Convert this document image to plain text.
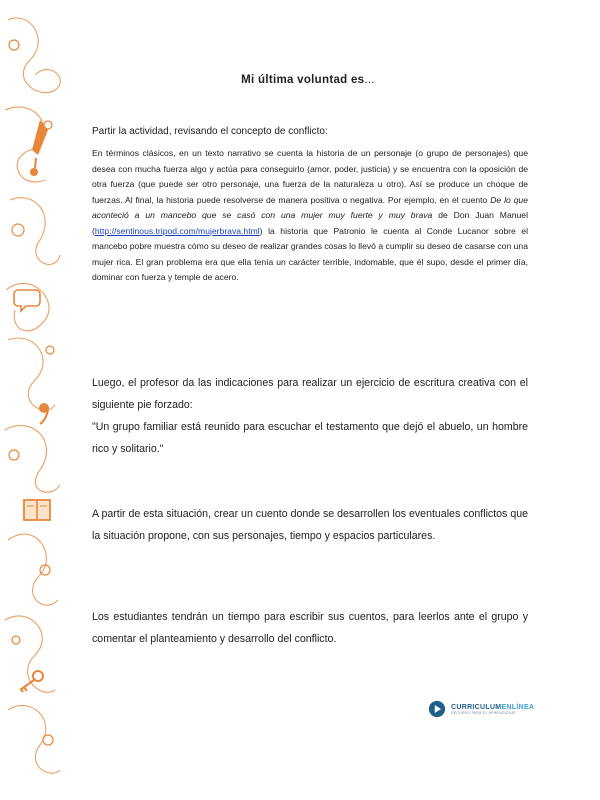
Mi última voluntad es...
Partir la actividad, revisando el concepto de conflicto:
En términos clásicos, en un texto narrativo se cuenta la historia de un personaje (o grupo de personajes) que desea con mucha fuerza algo y actúa para conseguirlo (amor, poder, justicia) y se encuentra con la oposición de otra fuerza (que puede ser otro personaje, una fuerza de la naturaleza u otro). Así se produce un choque de fuerzas. Al final, la historia puede resolverse de manera positiva o negativa. Por ejemplo, en el cuento De lo que aconteció a un mancebo que se casó con una mujer muy fuerte y muy brava de Don Juan Manuel (http://sentinous.tripod.com/mujerbrava.html) la historia que Patronio le cuenta al Conde Lucanor sobre el mancebo pobre muestra cómo su deseo de realizar grandes cosas lo llevó a cumplir su deseo de casarse con una mujer rica. El gran problema era que ella tenía un carácter terrible, indomable, que él supo, desde el primer día, dominar con fuerza y temple de acero.
Luego, el profesor da las indicaciones para realizar un ejercicio de escritura creativa con el siguiente pie forzado:
"Un grupo familiar está reunido para escuchar el testamento que dejó el abuelo, un hombre rico y solitario."
A partir de esta situación, crear un cuento donde se desarrollen los eventuales conflictos que la situación propone, con sus personajes, tiempo y espacios particulares.
Los estudiantes tendrán un tiempo para escribir sus cuentos, para leerlos ante el grupo y comentar el planteamiento y desarrollo del conflicto.
CURRICULUMENLÍNEA
RECURSO PARA EL APRENDIZAJE
